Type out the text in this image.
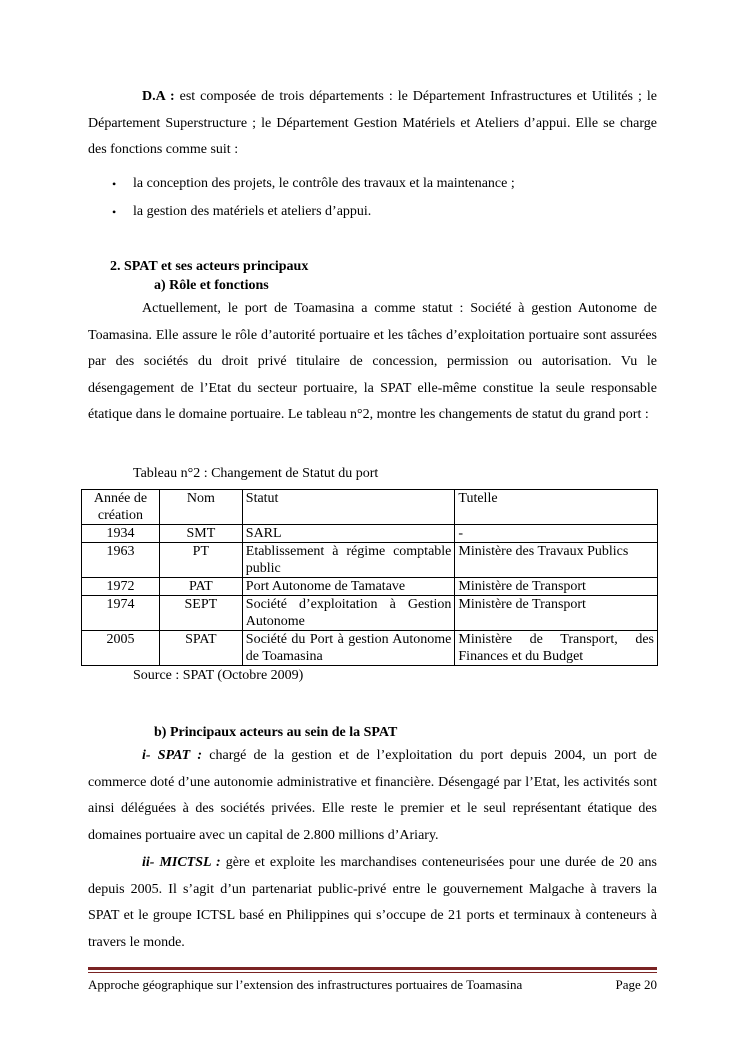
D.A : est composée de trois départements : le Département Infrastructures et Utilités ; le Département Superstructure ; le Département Gestion Matériels et Ateliers d’appui. Elle se charge des fonctions comme suit :

• la conception des projets, le contrôle des travaux et la maintenance ;
• la gestion des matériels et ateliers d’appui.
2. SPAT et ses acteurs principaux
a) Rôle et fonctions

Actuellement, le port de Toamasina a comme statut : Société à gestion Autonome de Toamasina. Elle assure le rôle d’autorité portuaire et les tâches d’exploitation portuaire sont assurées par des sociétés du droit privé titulaire de concession, permission ou autorisation. Vu le désengagement de l’Etat du secteur portuaire, la SPAT elle-même constitue la seule responsable étatique dans le domaine portuaire. Le tableau n°2, montre les changements de statut du grand port :

Tableau n°2 : Changement de Statut du port
Année de création	Nom	Statut	Tutelle
1934	SMT	SARL	-
1963	PT	Etablissement à régime comptable public	Ministère des Travaux Publics
1972	PAT	Port Autonome de Tamatave	Ministère de Transport
1974	SEPT	Société d’exploitation à Gestion Autonome	Ministère de Transport
2005	SPAT	Société du Port à gestion Autonome de Toamasina	Ministère de Transport, des Finances et du Budget
Source : SPAT (Octobre 2009)
b) Principaux acteurs au sein de la SPAT

i- SPAT : chargé de la gestion et de l’exploitation du port depuis 2004, un port de commerce doté d’une autonomie administrative et financière. Désengagé par l’Etat, les activités sont ainsi déléguées à des sociétés privées. Elle reste le premier et le seul représentant étatique des domaines portuaire avec un capital de 2.800 millions d’Ariary.

ii- MICTSL : gère et exploite les marchandises conteneurisées pour une durée de 20 ans depuis 2005. Il s’agit d’un partenariat public-privé entre le gouvernement Malgache à travers la SPAT et le groupe ICTSL basé en Philippines qui s’occupe de 21 ports et terminaux à conteneurs à travers le monde.

Approche géographique sur l’extension des infrastructures portuaires de Toamasina	Page 20
